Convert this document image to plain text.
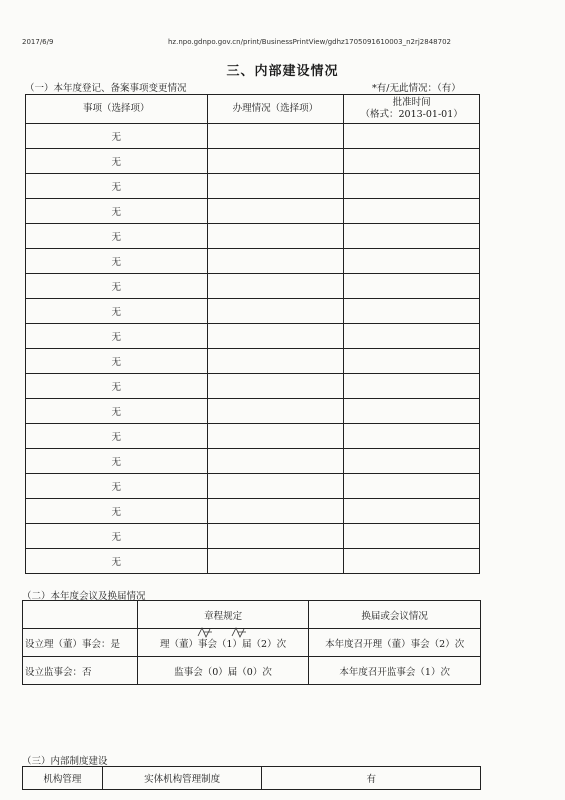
2017/6/9	hz.npo.gdnpo.gov.cn/print/BusinessPrintView/gdhz1705091610003_n2rj2848702
三、内部建设情况
（一）本年度登记、备案事项变更情况	*有/无此情况：（有）
事项（选择项）	办理情况（选择项）	批准时间
（格式：2013-01-01）
无		
无		
无		
无		
无		
无		
无		
无		
无		
无		
无		
无		
无		
无		
无		
无		
无		
无		
（二）本年度会议及换届情况
	章程规定	换届或会议情况
设立理（董）事会：是	理（董）事会（1）届（2）次	本年度召开理（董）事会（2）次
设立监事会：否	监事会（0）届（0）次	本年度召开监事会（1）次
（三）内部制度建设
机构管理	实体机构管理制度	有
